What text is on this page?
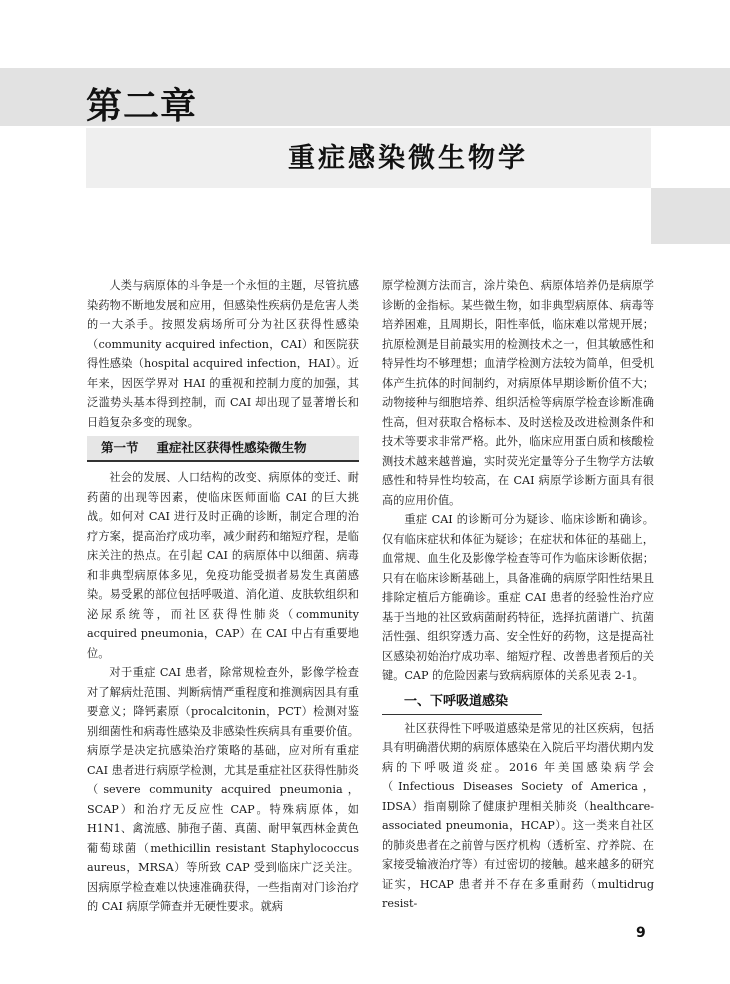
第二章
重症感染微生物学

人类与病原体的斗争是一个永恒的主题，尽管抗感染药物不断地发展和应用，但感染性疾病仍是危害人类的一大杀手。按照发病场所可分为社区获得性感染（community acquired infection，CAI）和医院获得性感染（hospital acquired infection，HAI）。近年来，因医学界对 HAI 的重视和控制力度的加强，其泛滥势头基本得到控制，而 CAI 却出现了显著增长和日趋复杂多变的现象。

第一节	重症社区获得性感染微生物

社会的发展、人口结构的改变、病原体的变迁、耐药菌的出现等因素，使临床医师面临 CAI 的巨大挑战。如何对 CAI 进行及时正确的诊断，制定合理的治疗方案，提高治疗成功率，减少耐药和缩短疗程，是临床关注的热点。在引起 CAI 的病原体中以细菌、病毒和非典型病原体多见，免疫功能受损者易发生真菌感染。易受累的部位包括呼吸道、消化道、皮肤软组织和泌尿系统等，而社区获得性肺炎（community acquired pneumonia，CAP）在 CAI 中占有重要地位。

对于重症 CAI 患者，除常规检查外，影像学检查对了解病灶范围、判断病情严重程度和推测病因具有重要意义；降钙素原（procalcitonin，PCT）检测对鉴别细菌性和病毒性感染及非感染性疾病具有重要价值。病原学是决定抗感染治疗策略的基础，应对所有重症 CAI 患者进行病原学检测，尤其是重症社区获得性肺炎（severe community acquired pneumonia，SCAP）和治疗无反应性 CAP。特殊病原体，如 H1N1、禽流感、肺孢子菌、真菌、耐甲氧西林金黄色葡萄球菌（methicillin resistant Staphylococcus aureus，MRSA）等所致 CAP 受到临床广泛关注。因病原学检查难以快速准确获得，一些指南对门诊治疗的 CAI 病原学筛查并无硬性要求。就病

原学检测方法而言，涂片染色、病原体培养仍是病原学诊断的金指标。某些微生物，如非典型病原体、病毒等培养困难，且周期长，阳性率低，临床难以常规开展；抗原检测是目前最实用的检测技术之一，但其敏感性和特异性均不够理想；血清学检测方法较为简单，但受机体产生抗体的时间制约，对病原体早期诊断价值不大；动物接种与细胞培养、组织活检等病原学检查诊断准确性高，但对获取合格标本、及时送检及改进检测条件和技术等要求非常严格。此外，临床应用蛋白质和核酸检测技术越来越普遍，实时荧光定量等分子生物学方法敏感性和特异性均较高，在 CAI 病原学诊断方面具有很高的应用价值。

重症 CAI 的诊断可分为疑诊、临床诊断和确诊。仅有临床症状和体征为疑诊；在症状和体征的基础上，血常规、血生化及影像学检查等可作为临床诊断依据；只有在临床诊断基础上，具备准确的病原学阳性结果且排除定植后方能确诊。重症 CAI 患者的经验性治疗应基于当地的社区致病菌耐药特征，选择抗菌谱广、抗菌活性强、组织穿透力高、安全性好的药物，这是提高社区感染初始治疗成功率、缩短疗程、改善患者预后的关键。CAP 的危险因素与致病病原体的关系见表 2-1。

一、下呼吸道感染

社区获得性下呼吸道感染是常见的社区疾病，包括具有明确潜伏期的病原体感染在入院后平均潜伏期内发病的下呼吸道炎症。2016 年美国感染病学会（Infectious Diseases Society of America，IDSA）指南剔除了健康护理相关肺炎（healthcare-associated pneumonia，HCAP）。这一类来自社区的肺炎患者在之前曾与医疗机构（透析室、疗养院、在家接受输液治疗等）有过密切的接触。越来越多的研究证实，HCAP 患者并不存在多重耐药（multidrug resist-

9
